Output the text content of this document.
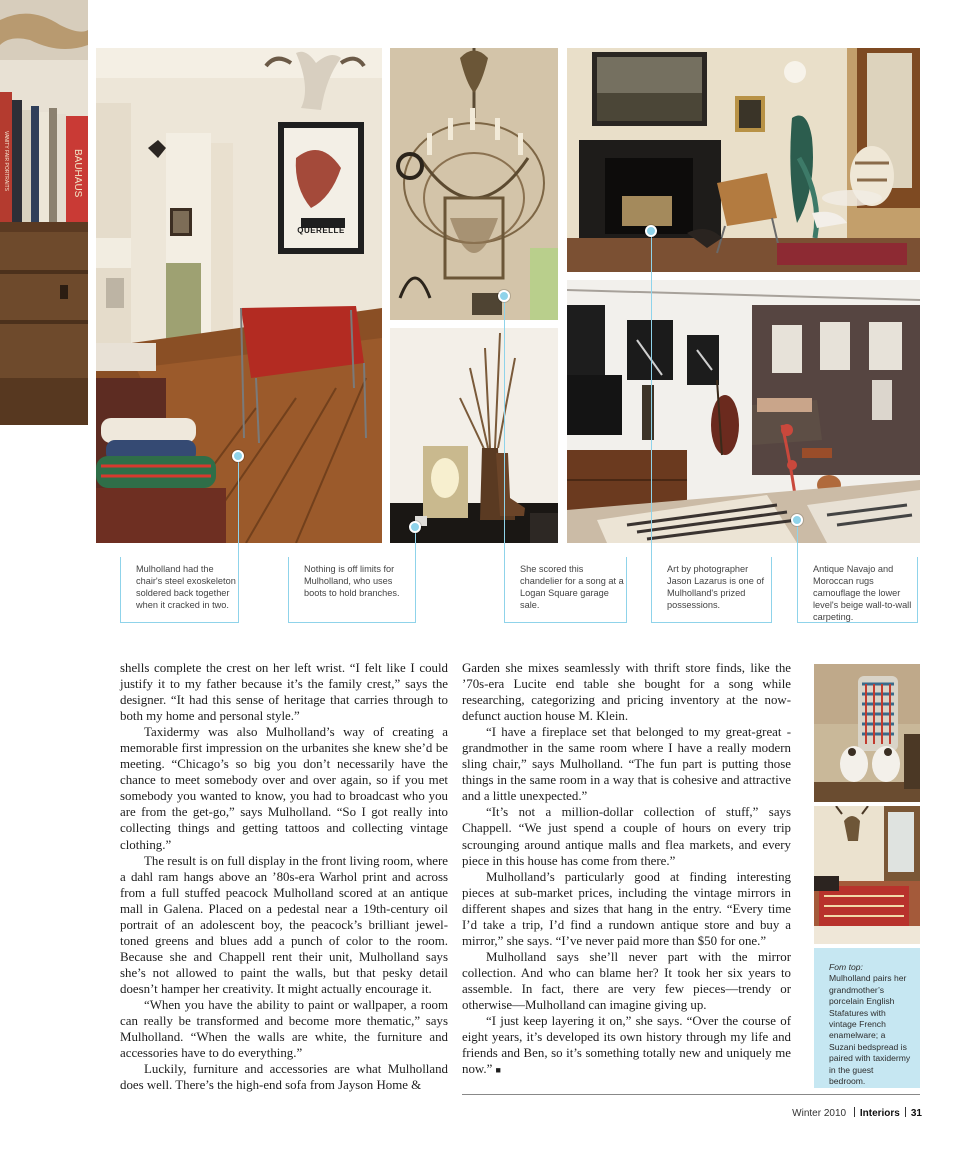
BAUHAUS
VANITY FAIR PORTRAITS
QUERELLE
Mulholland had the chair's steel exoskeleton soldered back together when it cracked in two.
Nothing is off limits for Mulholland, who uses boots to hold branches.
She scored this chandelier for a song at a Logan Square garage sale.
Art by photographer Jason Lazarus is one of Mulholland's prized possessions.
Antique Navajo and Moroccan rugs camouflage the lower level's beige wall-to-wall carpeting.

shells complete the crest on her left wrist. “I felt like I could justify it to my father because it’s the family crest,” says the designer. “It had this sense of heritage that carries through to both my home and personal style.”

Taxidermy was also Mulholland’s way of creating a memorable first impression on the urbanites she knew she’d be meeting. “Chicago’s so big you don’t necessarily have the chance to meet somebody over and over again, so if you met somebody you wanted to know, you had to broadcast who you are from the get-go,” says Mulholland. “So I got really into collecting things and getting tattoos and collecting vintage clothing.”

The result is on full display in the front living room, where a dahl ram hangs above an ’80s-era Warhol print and across from a full stuffed peacock Mulholland scored at an antique mall in Galena. Placed on a pedestal near a 19th-century oil portrait of an adolescent boy, the peacock’s brilliant jewel-toned greens and blues add a punch of color to the room. Because she and Chappell rent their unit, Mulholland says she’s not allowed to paint the walls, but that pesky detail doesn’t hamper her creativity. It might actually encourage it.

“When you have the ability to paint or wallpaper, a room can really be transformed and become more thematic,” says Mulholland. “When the walls are white, the furniture and accessories have to do everything.”

Luckily, furniture and accessories are what Mulholland does well. There’s the high-end sofa from Jayson Home &

Garden she mixes seamlessly with thrift store finds, like the ’70s-era Lucite end table she bought for a song while researching, categorizing and pricing inventory at the now-defunct auction house M. Klein.

“I have a fireplace set that belonged to my great-great -grandmother in the same room where I have a really modern sling chair,” says Mulholland. “The fun part is putting those things in the same room in a way that is cohesive and attractive and a little unexpected.”

“It’s not a million-dollar collection of stuff,” says Chappell. “We just spend a couple of hours on every trip scrounging around antique malls and flea markets, and every piece in this house has come from there.”

Mulholland’s particularly good at finding interesting pieces at sub-market prices, including the vintage mirrors in different shapes and sizes that hang in the entry. “Every time I’d take a trip, I’d find a rundown antique store and buy a mirror,” she says. “I’ve never paid more than $50 for one.”

Mulholland says she’ll never part with the mirror collection. And who can blame her? It took her six years to assemble. In fact, there are very few pieces—trendy or otherwise—Mulholland can imagine giving up.

“I just keep layering it on,” she says. “Over the course of eight years, it’s developed its own history through my life and friends and Ben, so it’s something totally new and uniquely me now.” ■

Fom top:
Mulholland pairs her grandmother’s porcelain English Stafatures with vintage French enamelware; a Suzani bedspread is paired with taxidermy in the guest bedroom.
Winter 2010 Interiors 31
